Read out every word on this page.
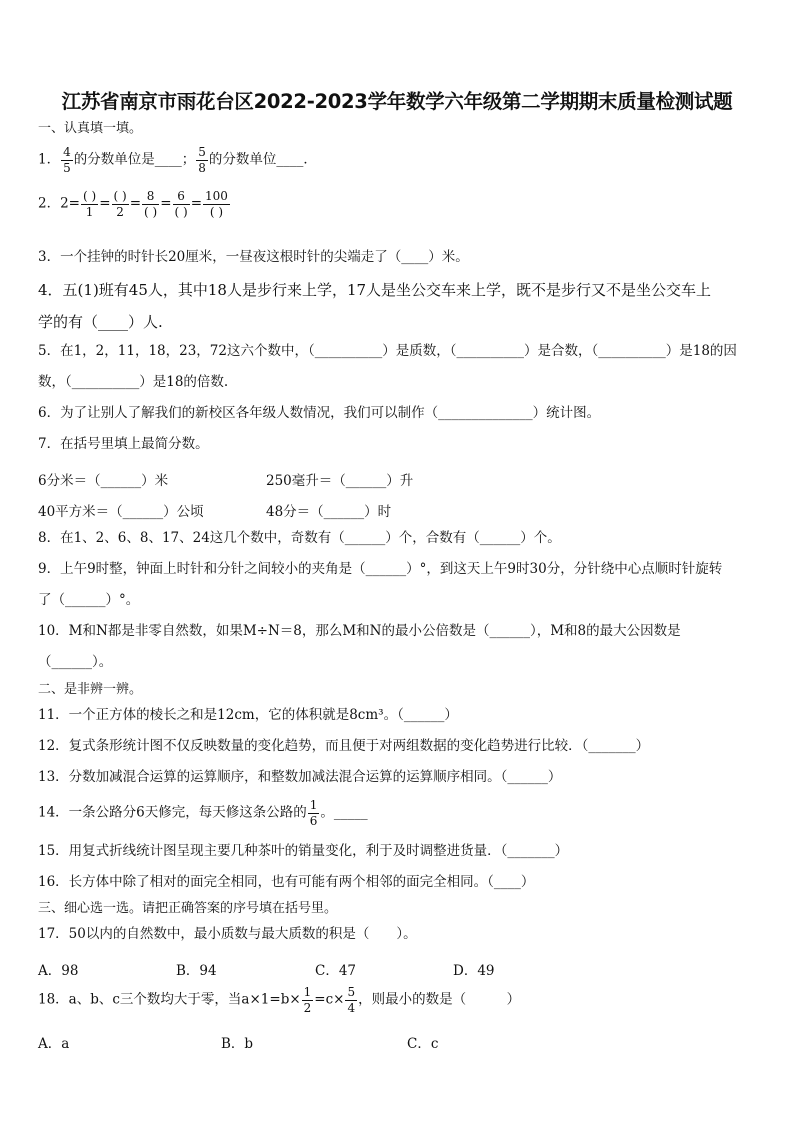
江苏省南京市雨花台区2022-2023学年数学六年级第二学期期末质量检测试题
一、认真填一填。
1． $\frac{4}{5}$ 的分数单位是____； $\frac{5}{8}$ 的分数单位____．
2．$2= \frac{( )}{1} = \frac{( )}{2} = \frac{8}{( )} = \frac{6}{( )} = \frac{100}{( )}$
3．一个挂钟的时针长20厘米，一昼夜这根时针的尖端走了（____）米。
4．五(1)班有45人，其中18人是步行来上学，17人是坐公交车来上学，既不是步行又不是坐公交车上
学的有（____）人.
5．在1，2，11，18，23，72这六个数中，（__________）是质数，（__________）是合数，（__________）是18的因
数，（__________）是18的倍数.
6．为了让别人了解我们的新校区各年级人数情况，我们可以制作（______________）统计图。
7．在括号里填上最简分数。
6分米＝（______）米	250毫升＝（______）升
40平方米＝（______）公顷	48分＝（______）时
8．在1、2、6、8、17、24这几个数中，奇数有（______）个，合数有（______）个。
9．上午9时整，钟面上时针和分针之间较小的夹角是（______）°，到这天上午9时30分，分针绕中心点顺时针旋转
了（______）°。
10．M和N都是非零自然数，如果M÷N＝8，那么M和N的最小公倍数是（______），M和8的最大公因数是
（______）。
二、是非辨一辨。
11．一个正方体的棱长之和是12cm，它的体积就是8cm³。（______）
12．复式条形统计图不仅反映数量的变化趋势，而且便于对两组数据的变化趋势进行比较．（_______）
13．分数加减混合运算的运算顺序，和整数加减法混合运算的运算顺序相同。（______）
14．一条公路分6天修完，每天修这条公路的 $\frac{1}{6}$ 。_____
15．用复式折线统计图呈现主要几种茶叶的销量变化，利于及时调整进货量．（_______）
16．长方体中除了相对的面完全相同，也有可能有两个相邻的面完全相同。（____）
三、细心选一选。请把正确答案的序号填在括号里。
17．50以内的自然数中，最小质数与最大质数的积是（　　）。
A．98	B．94	C．47	D．49
18．a、b、c三个数均大于零，当$a\times 1=b\times \frac{1}{2} =c\times \frac{5}{4}$ ，则最小的数是（　　　）
A．a	B．b	C．c
